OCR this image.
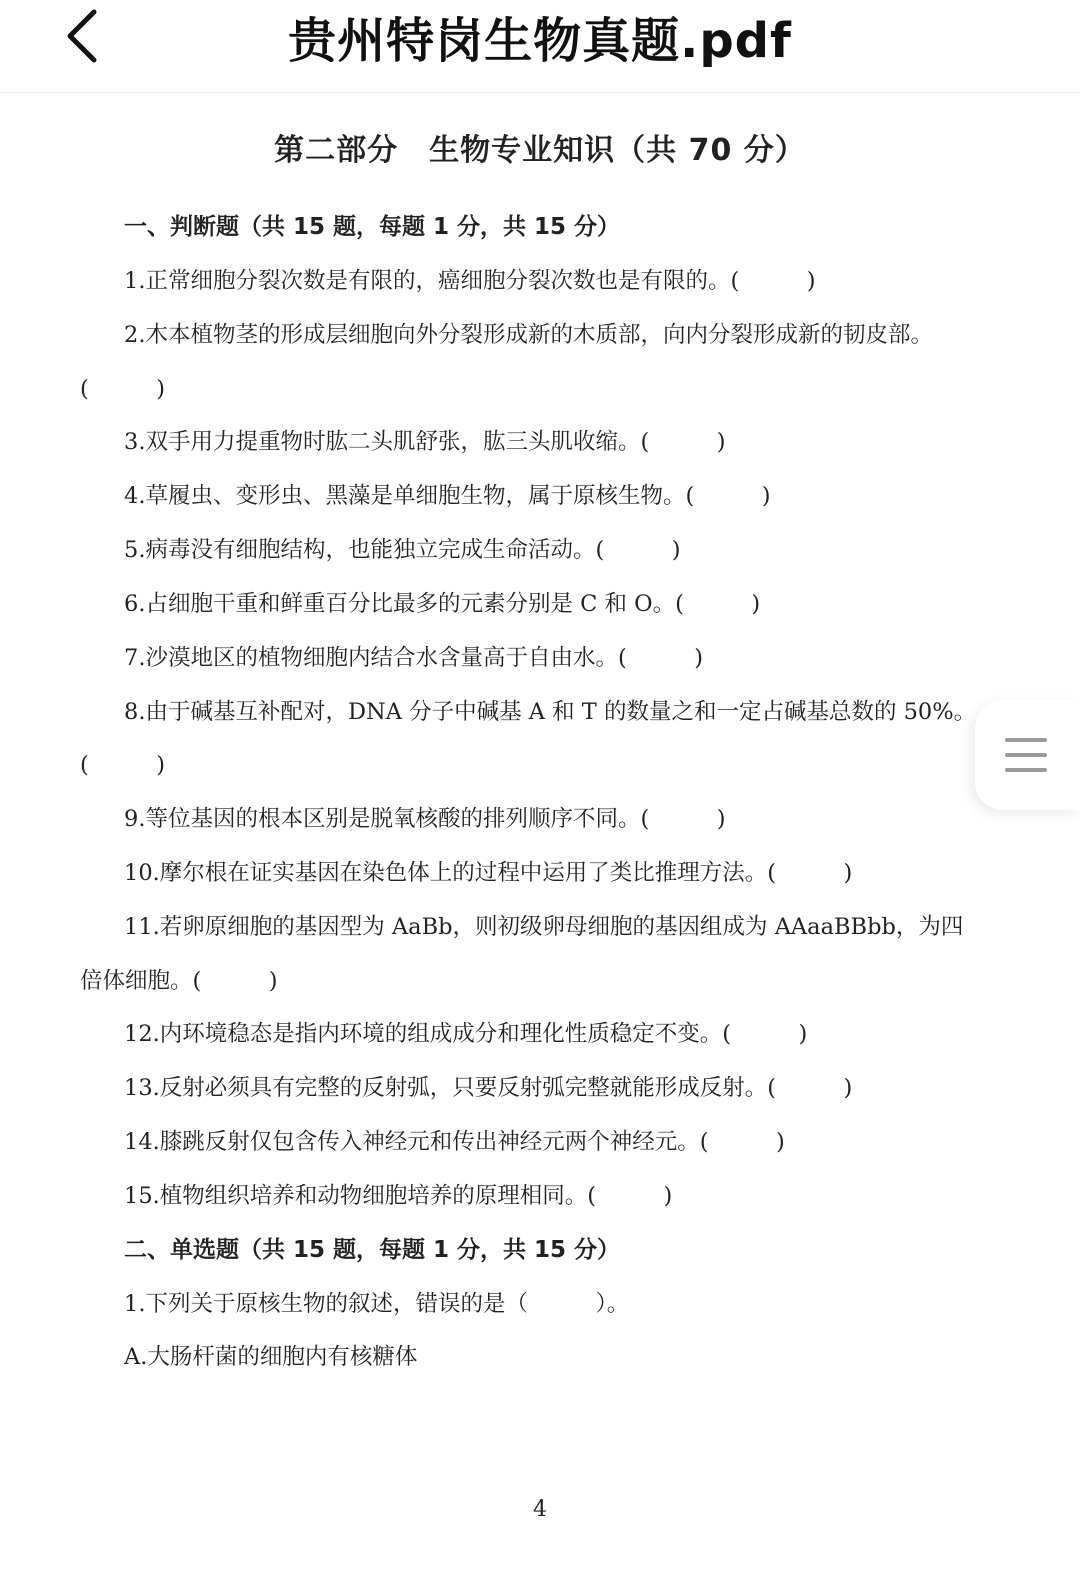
贵州特岗生物真题.pdf
第二部分　生物专业知识（共 70 分）
一、判断题（共 15 题，每题 1 分，共 15 分）
1.正常细胞分裂次数是有限的，癌细胞分裂次数也是有限的。(　　　)
2.木本植物茎的形成层细胞向外分裂形成新的木质部，向内分裂形成新的韧皮部。
(　　　)
3.双手用力提重物时肱二头肌舒张，肱三头肌收缩。(　　　)
4.草履虫、变形虫、黑藻是单细胞生物，属于原核生物。(　　　)
5.病毒没有细胞结构，也能独立完成生命活动。(　　　)
6.占细胞干重和鲜重百分比最多的元素分别是 C 和 O。(　　　)
7.沙漠地区的植物细胞内结合水含量高于自由水。(　　　)
8.由于碱基互补配对，DNA 分子中碱基 A 和 T 的数量之和一定占碱基总数的 50%。
(　　　)
9.等位基因的根本区别是脱氧核酸的排列顺序不同。(　　　)
10.摩尔根在证实基因在染色体上的过程中运用了类比推理方法。(　　　)
11.若卵原细胞的基因型为 AaBb，则初级卵母细胞的基因组成为 AAaaBBbb，为四
倍体细胞。(　　　)
12.内环境稳态是指内环境的组成成分和理化性质稳定不变。(　　　)
13.反射必须具有完整的反射弧，只要反射弧完整就能形成反射。(　　　)
14.膝跳反射仅包含传入神经元和传出神经元两个神经元。(　　　)
15.植物组织培养和动物细胞培养的原理相同。(　　　)
二、单选题（共 15 题，每题 1 分，共 15 分）
1.下列关于原核生物的叙述，错误的是（　　　）。
A.大肠杆菌的细胞内有核糖体
4
